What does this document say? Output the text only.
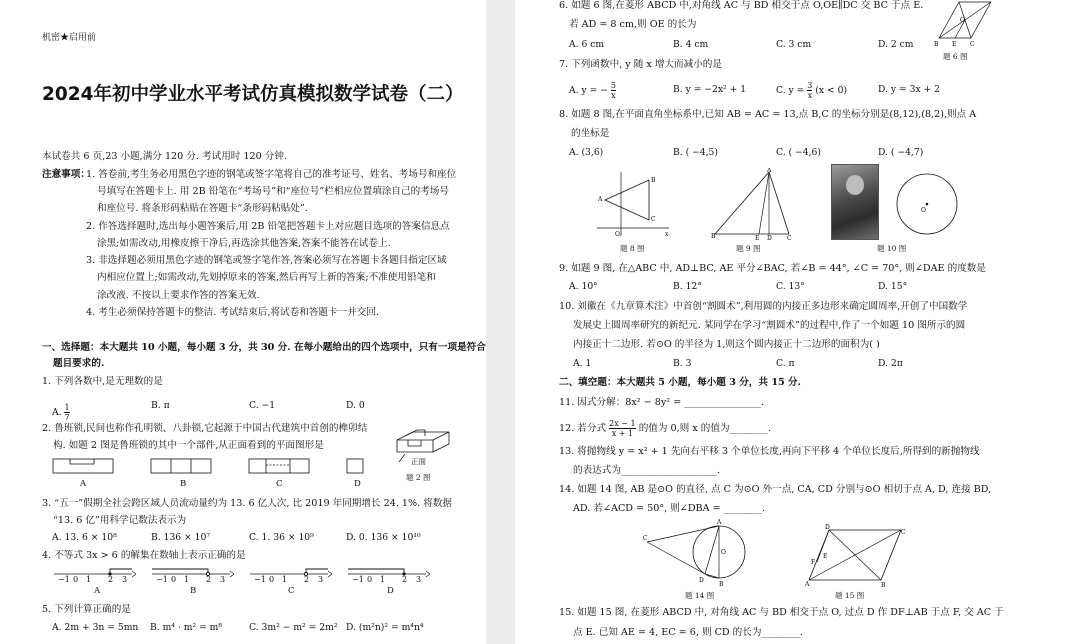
机密★启用前
2024年初中学业水平考试仿真模拟数学试卷（二）
本试卷共 6 页,23 小题,满分 120 分. 考试用时 120 分钟.
注意事项：
1. 答卷前,考生务必用黑色字迹的钢笔或签字笔将自己的准考证号、姓名、考场号和座位
号填写在答题卡上. 用 2B 铅笔在“考场号”和“座位号”栏相应位置填涂自己的考场号
和座位号. 将条形码粘贴在答题卡“条形码粘贴处”.
2. 作答选择题时,选出每小题答案后,用 2B 铅笔把答题卡上对应题目选项的答案信息点
涂黑;如需改动,用橡皮擦干净后,再选涂其他答案,答案不能答在试卷上.
3. 非选择题必须用黑色字迹的钢笔或签字笔作答,答案必须写在答题卡各题目指定区域
内相应位置上;如需改动,先划掉原来的答案,然后再写上新的答案;不准使用铅笔和
涂改液. 不按以上要求作答的答案无效.
4. 考生必须保持答题卡的整洁. 考试结束后,将试卷和答题卡一并交回.
一、选择题：本大题共 10 小题，每小题 3 分，共 30 分. 在每小题给出的四个选项中，只有一项是符合
题目要求的.
1. 下列各数中,是无理数的是
A. $\frac{1}{7}$	B. π	C. −1	D. 0
2. 鲁班锁,民间也称作孔明锁、八卦锁,它起源于中国古代建筑中首创的榫卯结
构. 如题 2 图是鲁班锁的其中一个部件,从正面看到的平面图形是
正面
题 2 图
A	B	C	D
3. “五一”假期全社会跨区域人员流动量约为 13. 6 亿人次, 比 2019 年同期增长 24. 1%. 将数据
“13. 6 亿”用科学记数法表示为
A. 13. 6 × 10⁸	B. 136 × 10⁷	C. 1. 36 × 10⁹	D. 0. 136 × 10¹⁰
4. 不等式 3x > 6 的解集在数轴上表示正确的是
−1 0 1 2 3	−1 0 1 2 3	−1 0 1 2 3	−1 0 1 2 3
A	B	C	D
5. 下列计算正确的是
A. 2m + 3n = 5mn B. m⁴ · m² = m⁸	C. 3m² − m² = 2m² D. (m²n)² = m⁴n⁴
6. 如题 6 图,在菱形 ABCD 中,对角线 AC 与 BD 相交于点 O,OE∥DC 交 BC 于点 E.
若 AD = 8 cm,则 OE 的长为
A. 6 cm	B. 4 cm	C. 3 cm	D. 2 cm	B E C
O
题 6 图
7. 下列函数中, y 随 x 增大而减小的是
A. y = − $\frac{5}{x}$	B. y = −2x² + 1	C. $y = \frac{3}{x} (x < 0)$	D. y = 3x + 2
8. 如题 8 图,在平面直角坐标系中,已知 AB = AC = 13,点 B,C 的坐标分别是(8,12),(8,2),则点 A
的坐标是
A. (3,6)	B. ( −4,5)	C. ( −4,6)	D. ( −4,7)
A
B
C
O	x
题 8 图
A
B	E D	C
题 9 图
O
题 10 图
9. 如题 9 图, 在△ABC 中, AD⊥BC, AE 平分∠BAC, 若∠B = 44°, ∠C = 70°, 则∠DAE 的度数是
A. 10°	B. 12°	C. 13°	D. 15°
10. 刘徽在《九章算术注》中首创“割圆术”,利用圆的内接正多边形来确定圆周率,开创了中国数学
发展史上圆周率研究的新纪元. 某同学在学习“割圆术”的过程中,作了一个如题 10 图所示的圆
内接正十二边形. 若⊙O 的半径为 1,则这个圆内接正十二边形的面积为( )
A. 1	B. 3	C. π	D. 2π
二、填空题：本大题共 5 小题，每小题 3 分，共 15 分.
11. 因式分解：8x² − 8y² = ________________.
12. 若分式 $\frac{2x - 1}{x + 1}$ 的值为 0,则 x 的值为________.
13. 将抛物线 y = x² + 1 先向右平移 3 个单位长度,再向下平移 4 个单位长度后,所得到的新抛物线
的表达式为____________________.
14. 如题 14 图, AB 是⊙O 的直径, 点 C 为⊙O 外一点, CA, CD 分别与⊙O 相切于点 A, D, 连接 BD,
AD. 若∠ACD = 50°, 则∠DBA = ________.
C
A
O
D
B
题 14 图
A
D
C
B
F
E
题 15 图
15. 如题 15 图, 在菱形 ABCD 中, 对角线 AC 与 BD 相交于点 O, 过点 D 作 DF⊥AB 于点 F, 交 AC 于
点 E. 已知 AE = 4, EC = 6, 则 CD 的长为________.
